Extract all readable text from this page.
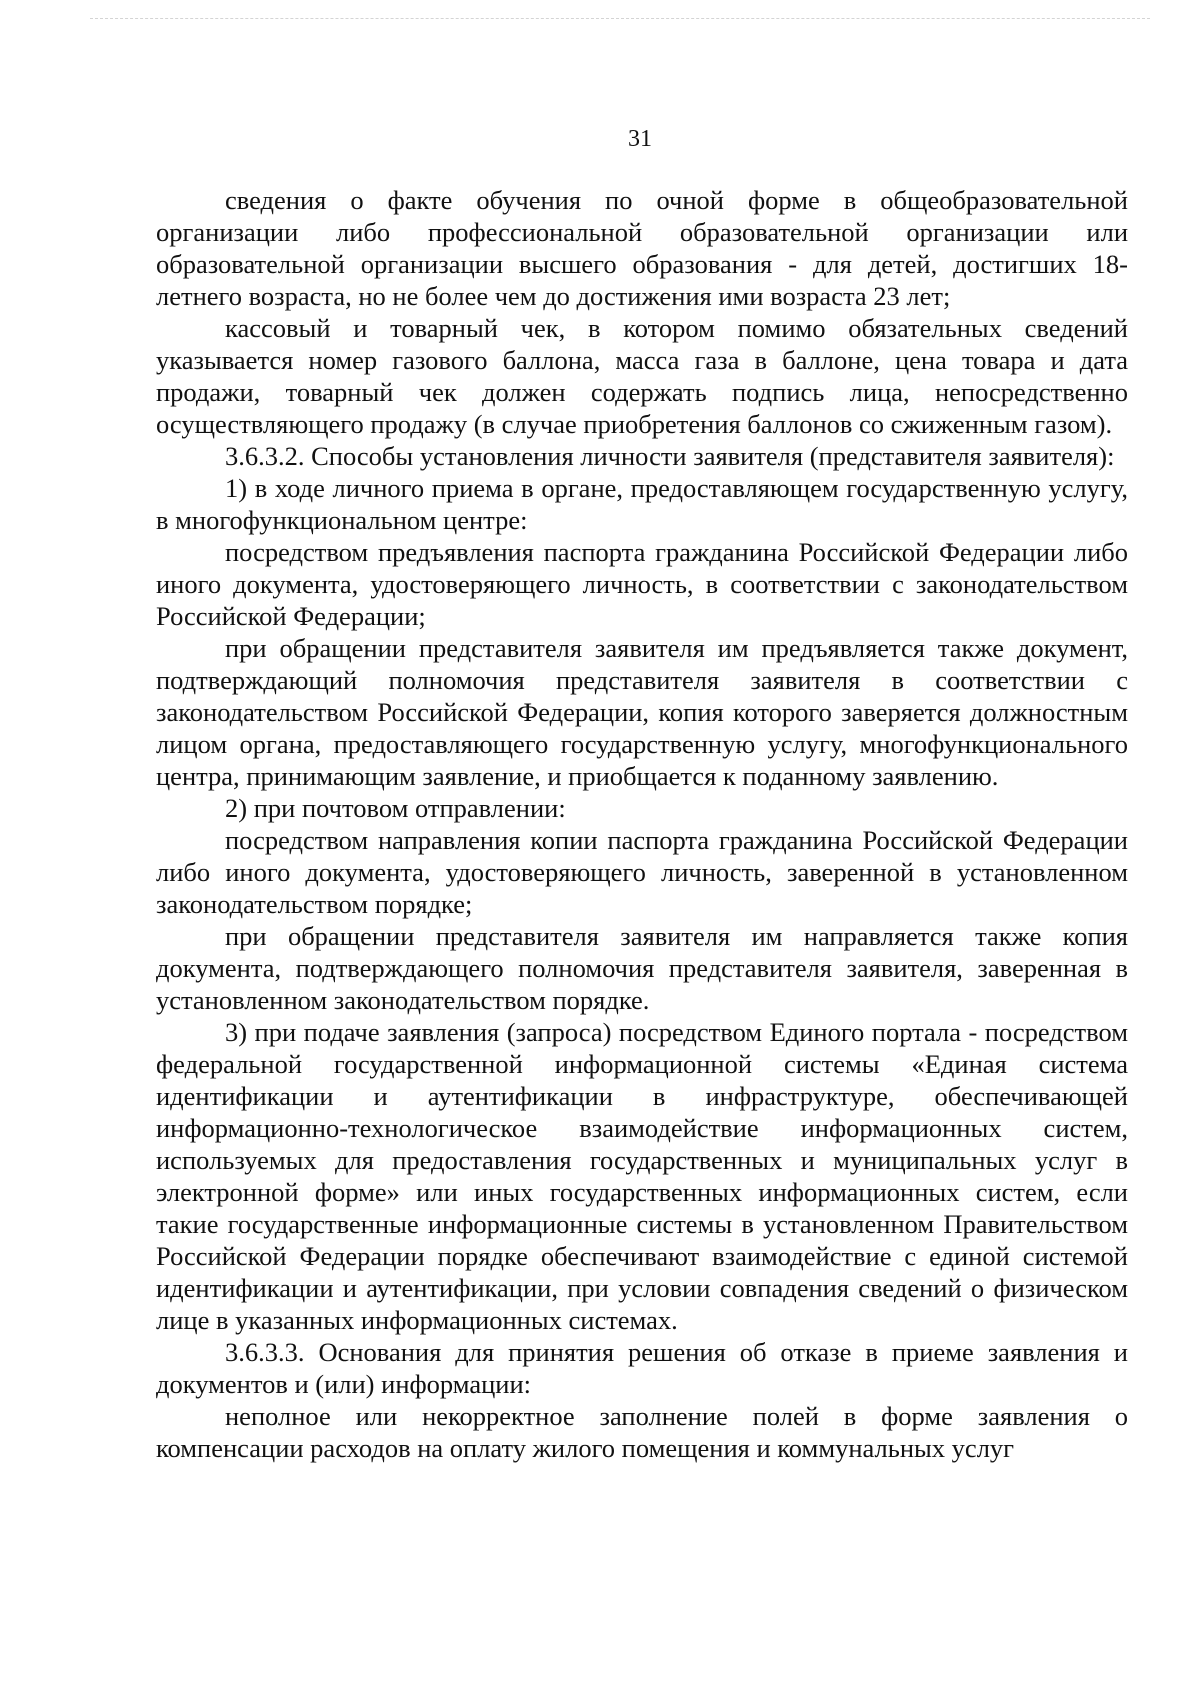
31

сведения о факте обучения по очной форме в общеобразовательной организации либо профессиональной образовательной организации или образовательной организации высшего образования - для детей, достигших 18-летнего возраста, но не более чем до достижения ими возраста 23 лет;

кассовый и товарный чек, в котором помимо обязательных сведений указывается номер газового баллона, масса газа в баллоне, цена товара и дата продажи, товарный чек должен содержать подпись лица, непосредственно осуществляющего продажу (в случае приобретения баллонов со сжиженным газом).

3.6.3.2. Способы установления личности заявителя (представителя заявителя):

1) в ходе личного приема в органе, предоставляющем государственную услугу, в многофункциональном центре:

посредством предъявления паспорта гражданина Российской Федерации либо иного документа, удостоверяющего личность, в соответствии с законодательством Российской Федерации;

при обращении представителя заявителя им предъявляется также документ, подтверждающий полномочия представителя заявителя в соответствии с законодательством Российской Федерации, копия которого заверяется должностным лицом органа, предоставляющего государственную услугу, многофункционального центра, принимающим заявление, и приобщается к поданному заявлению.

2) при почтовом отправлении:

посредством направления копии паспорта гражданина Российской Федерации либо иного документа, удостоверяющего личность, заверенной в установленном законодательством порядке;

при обращении представителя заявителя им направляется также копия документа, подтверждающего полномочия представителя заявителя, заверенная в установленном законодательством порядке.

3) при подаче заявления (запроса) посредством Единого портала - посредством федеральной государственной информационной системы «Единая система идентификации и аутентификации в инфраструктуре, обеспечивающей информационно-технологическое взаимодействие информационных систем, используемых для предоставления государственных и муниципальных услуг в электронной форме» или иных государственных информационных систем, если такие государственные информационные системы в установленном Правительством Российской Федерации порядке обеспечивают взаимодействие с единой системой идентификации и аутентификации, при условии совпадения сведений о физическом лице в указанных информационных системах.

3.6.3.3. Основания для принятия решения об отказе в приеме заявления и документов и (или) информации:

неполное или некорректное заполнение полей в форме заявления о компенсации расходов на оплату жилого помещения и коммунальных услуг
